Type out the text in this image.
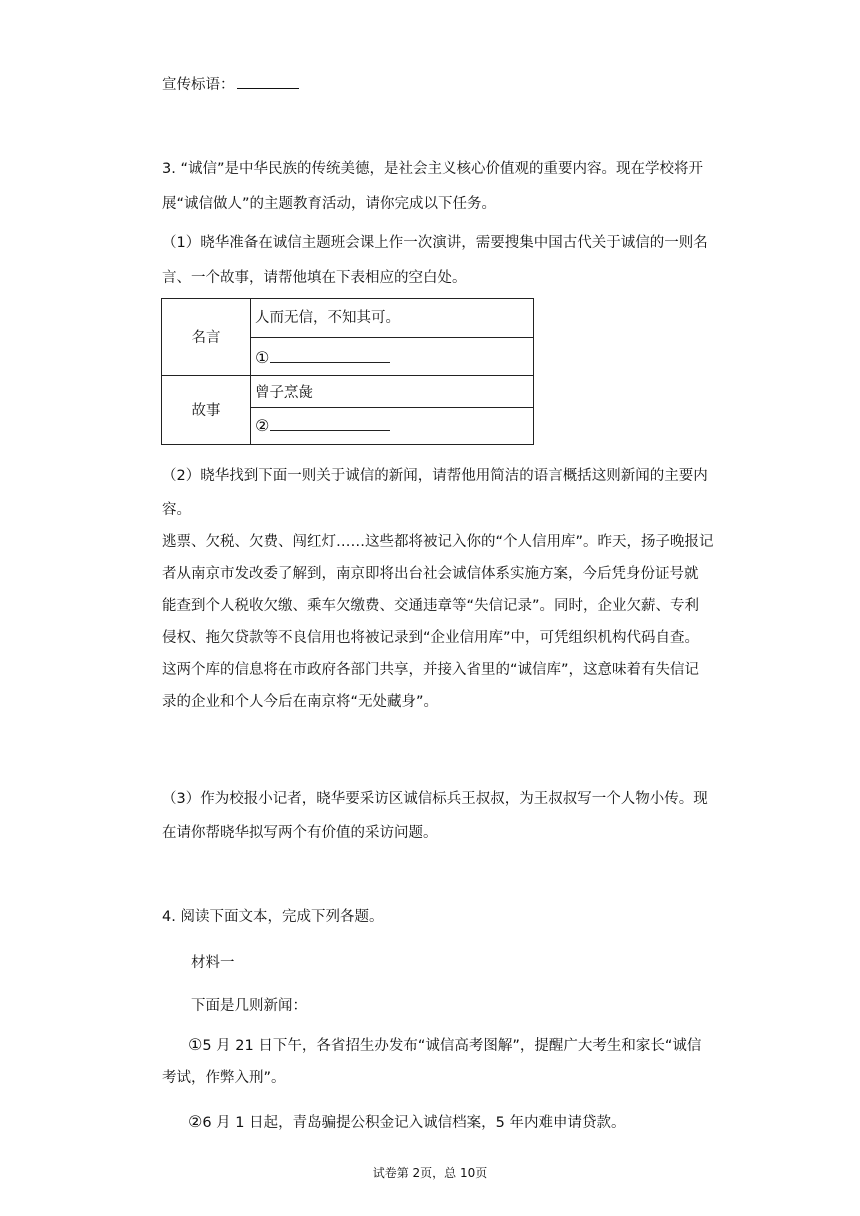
宣传标语：
3. “诚信”是中华民族的传统美德，是社会主义核心价值观的重要内容。现在学校将开
展“诚信做人”的主题教育活动，请你完成以下任务。
（1）晓华准备在诚信主题班会课上作一次演讲，需要搜集中国古代关于诚信的一则名
言、一个故事，请帮他填在下表相应的空白处。
名言
人而无信，不知其可。
①
故事
曾子烹彘
②
（2）晓华找到下面一则关于诚信的新闻，请帮他用简洁的语言概括这则新闻的主要内
容。
逃票、欠税、欠费、闯红灯……这些都将被记入你的“个人信用库”。昨天，扬子晚报记
者从南京市发改委了解到，南京即将出台社会诚信体系实施方案，今后凭身份证号就
能查到个人税收欠缴、乘车欠缴费、交通违章等“失信记录”。同时，企业欠薪、专利
侵权、拖欠贷款等不良信用也将被记录到“企业信用库”中，可凭组织机构代码自查。
这两个库的信息将在市政府各部门共享，并接入省里的“诚信库”，这意味着有失信记
录的企业和个人今后在南京将“无处藏身”。
（3）作为校报小记者，晓华要采访区诚信标兵王叔叔，为王叔叔写一个人物小传。现
在请你帮晓华拟写两个有价值的采访问题。
4. 阅读下面文本，完成下列各题。
材料一
下面是几则新闻：
①5 月 21 日下午，各省招生办发布“诚信高考图解”，提醒广大考生和家长“诚信
考试，作弊入刑”。
②6 月 1 日起，青岛骗提公积金记入诚信档案，5 年内难申请贷款。
试卷第 2页，总 10页
